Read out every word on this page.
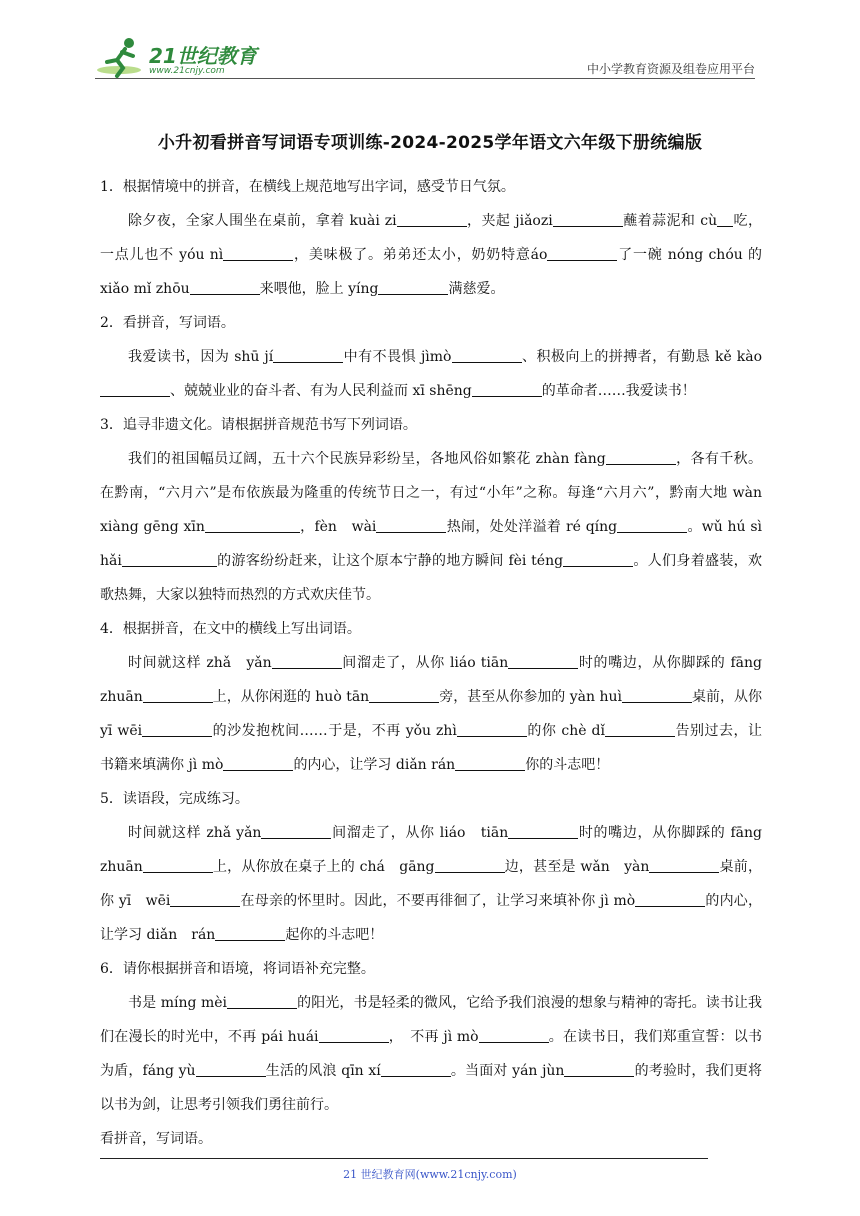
21世纪教育
www.21cnjy.com	中小学教育资源及组卷应用平台
小升初看拼音写词语专项训练-2024-2025学年语文六年级下册统编版

1．根据情境中的拼音，在横线上规范地写出字词，感受节日气氛。

除夕夜，全家人围坐在桌前，拿着 kuài zi	，夹起 jiǎozi	蘸着蒜泥和 cù 吃，一点儿也不 yóu nì	，美味极了。弟弟还太小，奶奶特意áo	了一碗 nóng chóu 的 xiǎo mǐ zhōu	来喂他，脸上 yíng	满慈爱。

2．看拼音，写词语。

我爱读书，因为 shū jí	中有不畏惧 jìmò	、积极向上的拼搏者，有勤恳 kě kào、兢兢业业的奋斗者、有为人民利益而 xī shēng	的革命者……我爱读书！

3．追寻非遗文化。请根据拼音规范书写下列词语。

我们的祖国幅员辽阔，五十六个民族异彩纷呈，各地风俗如繁花 zhàn fàng	，各有千秋。在黔南，“六月六”是布依族最为隆重的传统节日之一，有过“小年”之称。每逢“六月六”，黔南大地 wàn xiàng gēng xīn	，fèn　wài	热闹，处处洋溢着 ré qíng	。wǔ hú sì hǎi	的游客纷纷赶来，让这个原本宁静的地方瞬间 fèi téng	。人们身着盛装，欢歌热舞，大家以独特而热烈的方式欢庆佳节。

4．根据拼音，在文中的横线上写出词语。

时间就这样 zhǎ　yǎn	间溜走了，从你 liáo tiān	时的嘴边，从你脚踩的 fāng zhuān	上，从你闲逛的 huò tān	旁，甚至从你参加的 yàn huì	桌前，从你 yī wēi	的沙发抱枕间……于是，不再 yǒu zhì	的你 chè dǐ	告别过去，让书籍来填满你 jì mò	的内心，让学习 diǎn rán	你的斗志吧！

5．读语段，完成练习。

时间就这样 zhǎ yǎn	间溜走了，从你 liáo　tiān	时的嘴边，从你脚踩的 fāng zhuān	上，从你放在桌子上的 chá　gāng	边，甚至是 wǎn　yàn	桌前，你 yī　wēi	在母亲的怀里时。因此，不要再徘徊了，让学习来填补你 jì mò	的内心，让学习 diǎn　rán	起你的斗志吧！

6．请你根据拼音和语境，将词语补充完整。

书是 míng mèi	的阳光，书是轻柔的微风，它给予我们浪漫的想象与精神的寄托。读书让我们在漫长的时光中，不再 pái huái	，　不再 jì mò	。在读书日，我们郑重宣誓：以书为盾，fáng yù	生活的风浪 qīn xí	。当面对 yán jùn	的考验时，我们更将以书为剑，让思考引领我们勇往前行。

看拼音，写词语。

21 世纪教育网(www.21cnjy.com)
